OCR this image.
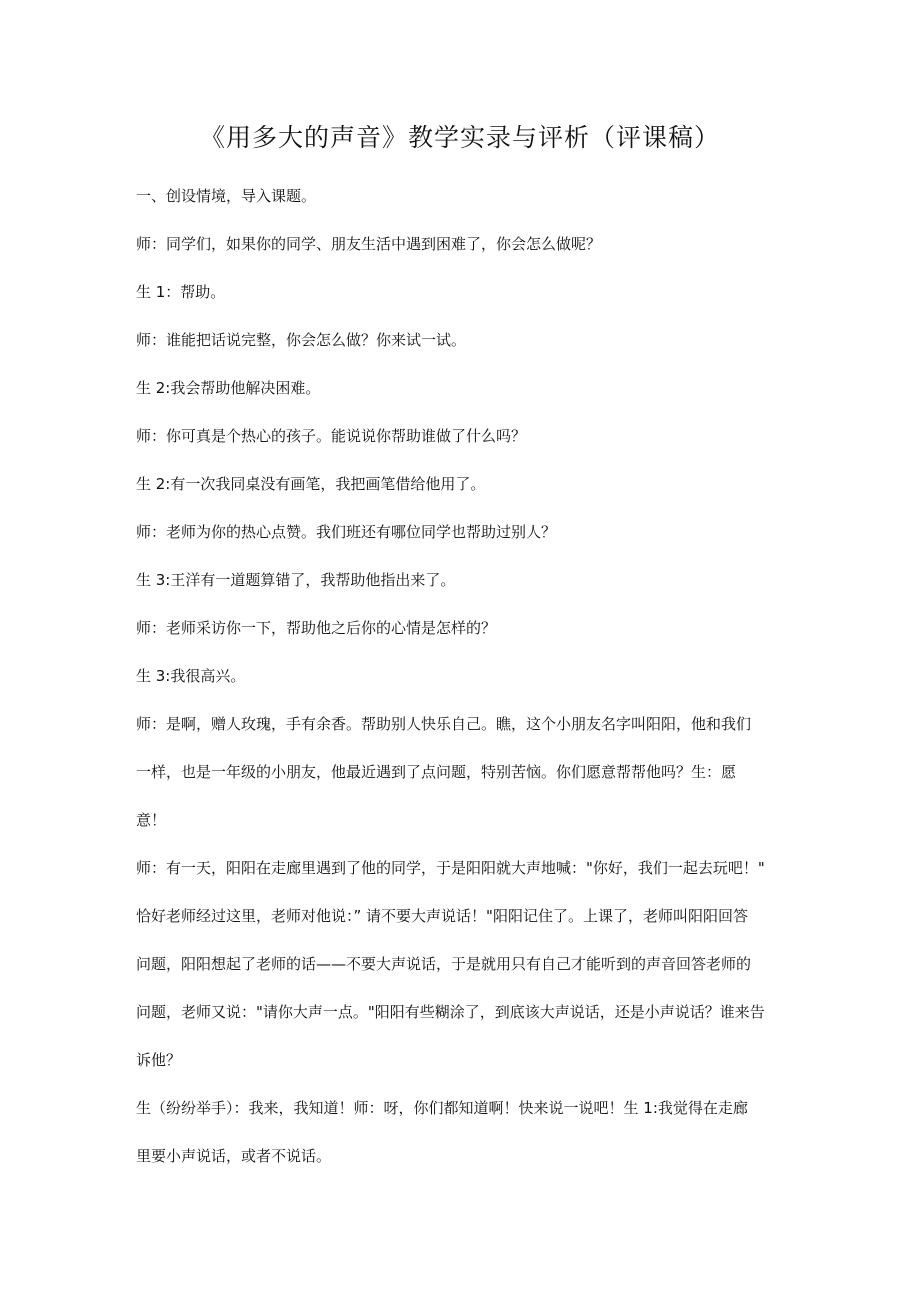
《用多大的声音》教学实录与评析（评课稿）
一、创设情境，导入课题。
师：同学们，如果你的同学、朋友生活中遇到困难了，你会怎么做呢？
生 1：帮助。
师：谁能把话说完整，你会怎么做？你来试一试。
生 2:我会帮助他解决困难。
师：你可真是个热心的孩子。能说说你帮助谁做了什么吗？
生 2:有一次我同桌没有画笔，我把画笔借给他用了。
师：老师为你的热心点赞。我们班还有哪位同学也帮助过别人？
生 3:王洋有一道题算错了，我帮助他指出来了。
师：老师采访你一下，帮助他之后你的心情是怎样的？
生 3:我很高兴。
师：是啊，赠人玫瑰，手有余香。帮助别人快乐自己。瞧，这个小朋友名字叫阳阳，他和我们
一样，也是一年级的小朋友，他最近遇到了点问题，特别苦恼。你们愿意帮帮他吗？生：愿
意！
师：有一天，阳阳在走廊里遇到了他的同学，于是阳阳就大声地喊："你好，我们一起去玩吧！"
恰好老师经过这里，老师对他说：” 请不要大声说话！"阳阳记住了。上课了，老师叫阳阳回答
问题，阳阳想起了老师的话——不要大声说话，于是就用只有自己才能听到的声音回答老师的
问题，老师又说："请你大声一点。"阳阳有些糊涂了，到底该大声说话，还是小声说话？谁来告
诉他？
生（纷纷举手）：我来，我知道！师：呀，你们都知道啊！快来说一说吧！生 1:我觉得在走廊
里要小声说话，或者不说话。
